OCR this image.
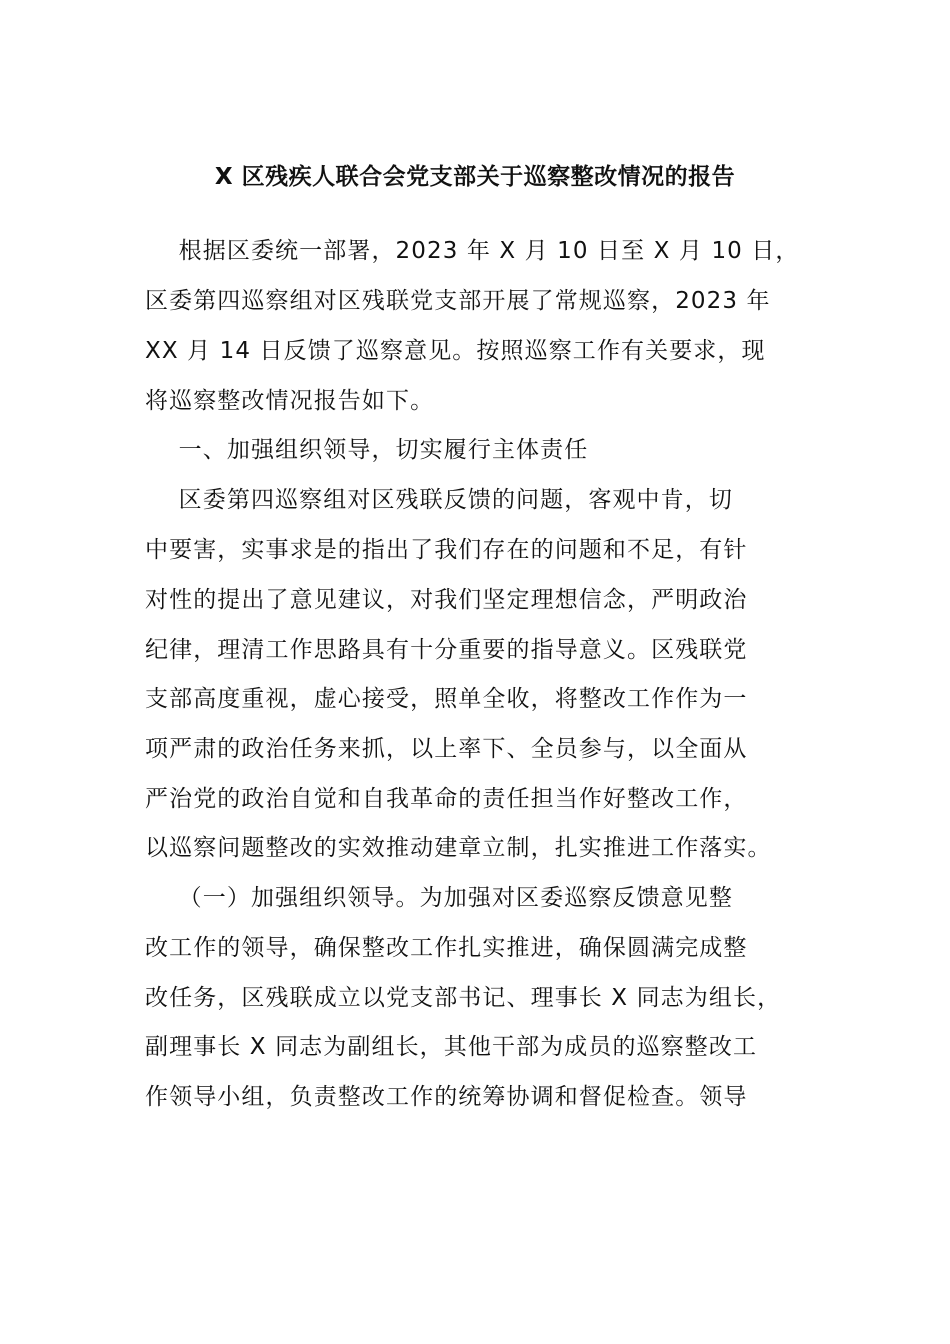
X 区残疾人联合会党支部关于巡察整改情况的报告
根据区委统一部署，2023 年 X 月 10 日至 X 月 10 日，
区委第四巡察组对区残联党支部开展了常规巡察，2023 年
XX 月 14 日反馈了巡察意见。按照巡察工作有关要求，现
将巡察整改情况报告如下。
一、加强组织领导，切实履行主体责任
区委第四巡察组对区残联反馈的问题，客观中肯，切
中要害，实事求是的指出了我们存在的问题和不足，有针
对性的提出了意见建议，对我们坚定理想信念，严明政治
纪律，理清工作思路具有十分重要的指导意义。区残联党
支部高度重视，虚心接受，照单全收，将整改工作作为一
项严肃的政治任务来抓，以上率下、全员参与，以全面从
严治党的政治自觉和自我革命的责任担当作好整改工作，
以巡察问题整改的实效推动建章立制，扎实推进工作落实。
（一）加强组织领导。为加强对区委巡察反馈意见整
改工作的领导，确保整改工作扎实推进，确保圆满完成整
改任务，区残联成立以党支部书记、理事长 X 同志为组长，
副理事长 X 同志为副组长，其他干部为成员的巡察整改工
作领导小组，负责整改工作的统筹协调和督促检查。领导
